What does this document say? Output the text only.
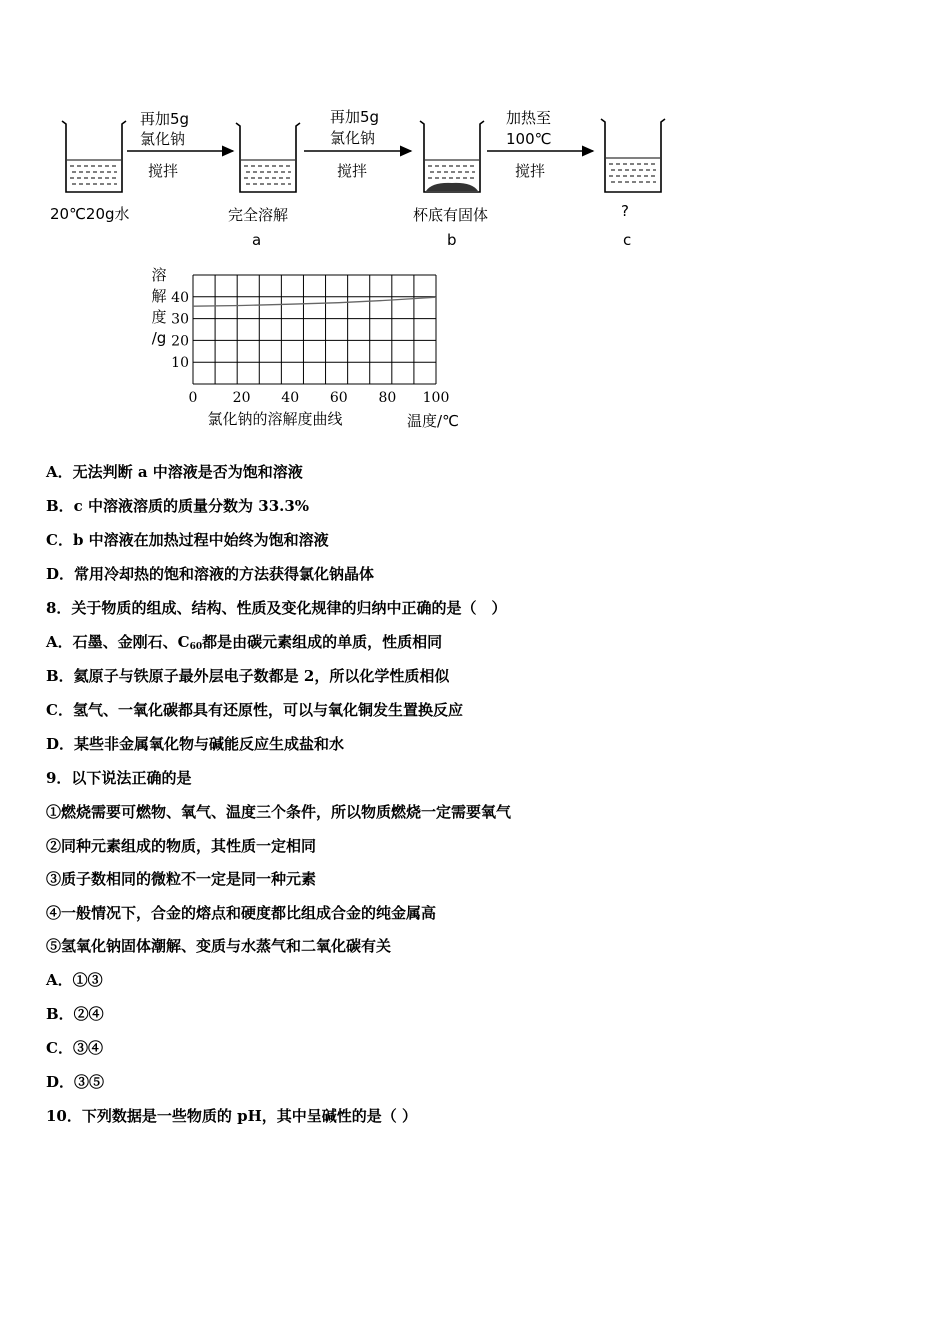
再加5g
氯化钠
搅拌
再加5g
氯化钠
搅拌
加热至
100℃
搅拌
20℃20g水	完全溶解	杯底有固体	?
a	b	c
0	20 40 60 80 100
10
20
30
40
溶
解
度
/g
氯化钠的溶解度曲线	温度/℃
A．无法判断 a 中溶液是否为饱和溶液
B．c 中溶液溶质的质量分数为 33.3%
C．b 中溶液在加热过程中始终为饱和溶液
D．常用冷却热的饱和溶液的方法获得氯化钠晶体
8．关于物质的组成、结构、性质及变化规律的归纳中正确的是（　）
A．石墨、金刚石、$C_{60}$都是由碳元素组成的单质，性质相同
B．氦原子与铁原子最外层电子数都是 2，所以化学性质相似
C．氢气、一氧化碳都具有还原性，可以与氧化铜发生置换反应
D．某些非金属氧化物与碱能反应生成盐和水
9．以下说法正确的是
①燃烧需要可燃物、氧气、温度三个条件，所以物质燃烧一定需要氧气
②同种元素组成的物质，其性质一定相同
③质子数相同的微粒不一定是同一种元素
④一般情况下，合金的熔点和硬度都比组成合金的纯金属高
⑤氢氧化钠固体潮解、变质与水蒸气和二氧化碳有关
A．①③
B．②④
C．③④
D．③⑤
10．下列数据是一些物质的 pH，其中呈碱性的是（ ）
